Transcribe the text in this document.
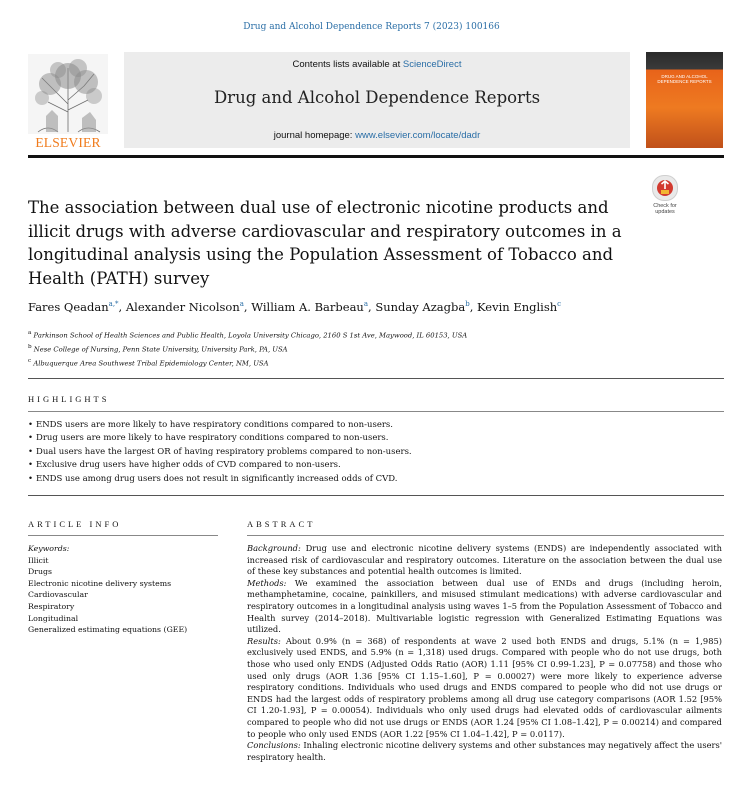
Drug and Alcohol Dependence Reports 7 (2023) 100166
ELSEVIER
Contents lists available at ScienceDirect
Drug and Alcohol Dependence Reports
journal homepage: www.elsevier.com/locate/dadr
DRUG AND ALCOHOL DEPENDENCE REPORTS
The association between dual use of electronic nicotine products and illicit drugs with adverse cardiovascular and respiratory outcomes in a longitudinal analysis using the Population Assessment of Tobacco and Health (PATH) survey
Check for updates
Fares Qeadan$^{a,*}$, Alexander Nicolson$^a$, William A. Barbeau$^a$, Sunday Azagba$^b$, Kevin English$^c$
$^a$ Parkinson School of Health Sciences and Public Health, Loyola University Chicago, 2160 S 1st Ave, Maywood, IL 60153, USA
$^b$ Nese College of Nursing, Penn State University, University Park, PA, USA
$^c$ Albuquerque Area Southwest Tribal Epidemiology Center, NM, USA
HIGHLIGHTS
• ENDS users are more likely to have respiratory conditions compared to non-users.
• Drug users are more likely to have respiratory conditions compared to non-users.
• Dual users have the largest OR of having respiratory problems compared to non-users.
• Exclusive drug users have higher odds of CVD compared to non-users.
• ENDS use among drug users does not result in significantly increased odds of CVD.
ARTICLE INFO	ABSTRACT
Keywords:
Illicit
Drugs
Electronic nicotine delivery systems
Cardiovascular
Respiratory
Longitudinal
Generalized estimating equations (GEE)

Background: Drug use and electronic nicotine delivery systems (ENDS) are independently associated with increased risk of cardiovascular and respiratory outcomes. Literature on the association between the dual use of these key substances and potential health outcomes is limited.

Methods: We examined the association between dual use of ENDs and drugs (including heroin, methamphetamine, cocaine, painkillers, and misused stimulant medications) with adverse cardiovascular and respiratory outcomes in a longitudinal analysis using waves 1–5 from the Population Assessment of Tobacco and Health survey (2014–2018). Multivariable logistic regression with Generalized Estimating Equations was utilized.

Results: About 0.9% (n = 368) of respondents at wave 2 used both ENDS and drugs, 5.1% (n = 1,985) exclusively used ENDS, and 5.9% (n = 1,318) used drugs. Compared with people who do not use drugs, both those who used only ENDS (Adjusted Odds Ratio (AOR) 1.11 [95% CI 0.99-1.23], P = 0.07758) and those who used only drugs (AOR 1.36 [95% CI 1.15–1.60], P = 0.00027) were more likely to experience adverse respiratory conditions. Individuals who used drugs and ENDS compared to people who did not use drugs or ENDS had the largest odds of respiratory problems among all drug use category comparisons (AOR 1.52 [95% CI 1.20-1.93], P = 0.00054). Individuals who only used drugs had elevated odds of cardiovascular ailments compared to people who did not use drugs or ENDS (AOR 1.24 [95% CI 1.08–1.42], P = 0.00214) and compared to people who only used ENDS (AOR 1.22 [95% CI 1.04–1.42], P = 0.0117).

Conclusions: Inhaling electronic nicotine delivery systems and other substances may negatively affect the users' respiratory health.
